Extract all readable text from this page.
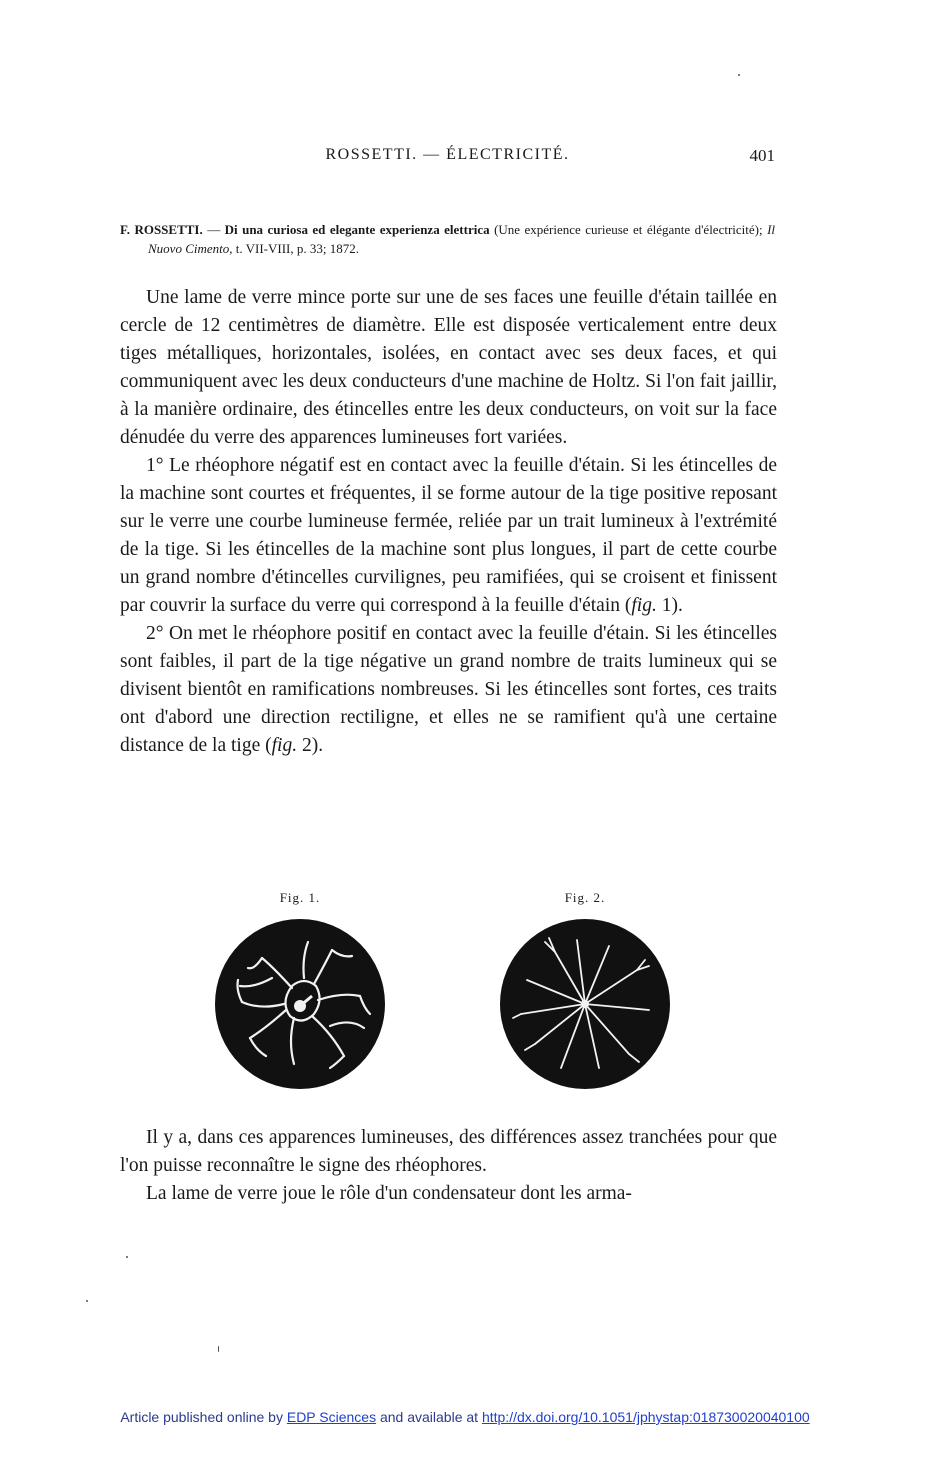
ROSSETTI. — ÉLECTRICITÉ.	401
F. ROSSETTI. — Di una curiosa ed elegante experienza elettrica (Une expérience curieuse et élégante d'électricité); Il Nuovo Cimento, t. VII-VIII, p. 33; 1872.

Une lame de verre mince porte sur une de ses faces une feuille d'étain taillée en cercle de 12 centimètres de diamètre. Elle est disposée verticalement entre deux tiges métalliques, horizontales, isolées, en contact avec ses deux faces, et qui communiquent avec les deux conducteurs d'une machine de Holtz. Si l'on fait jaillir, à la manière ordinaire, des étincelles entre les deux conducteurs, on voit sur la face dénudée du verre des apparences lumineuses fort variées.

1° Le rhéophore négatif est en contact avec la feuille d'étain. Si les étincelles de la machine sont courtes et fréquentes, il se forme autour de la tige positive reposant sur le verre une courbe lumineuse fermée, reliée par un trait lumineux à l'extrémité de la tige. Si les étincelles de la machine sont plus longues, il part de cette courbe un grand nombre d'étincelles curvilignes, peu ramifiées, qui se croisent et finissent par couvrir la surface du verre qui correspond à la feuille d'étain (fig. 1).

2° On met le rhéophore positif en contact avec la feuille d'étain. Si les étincelles sont faibles, il part de la tige négative un grand nombre de traits lumineux qui se divisent bientôt en ramifications nombreuses. Si les étincelles sont fortes, ces traits ont d'abord une direction rectiligne, et elles ne se ramifient qu'à une certaine distance de la tige (fig. 2).

Fig. 1.	Fig. 2.

Il y a, dans ces apparences lumineuses, des différences assez tranchées pour que l'on puisse reconnaître le signe des rhéophores.

La lame de verre joue le rôle d'un condensateur dont les arma-

Article published online by EDP Sciences and available at http://dx.doi.org/10.1051/jphystap:018730020040100
